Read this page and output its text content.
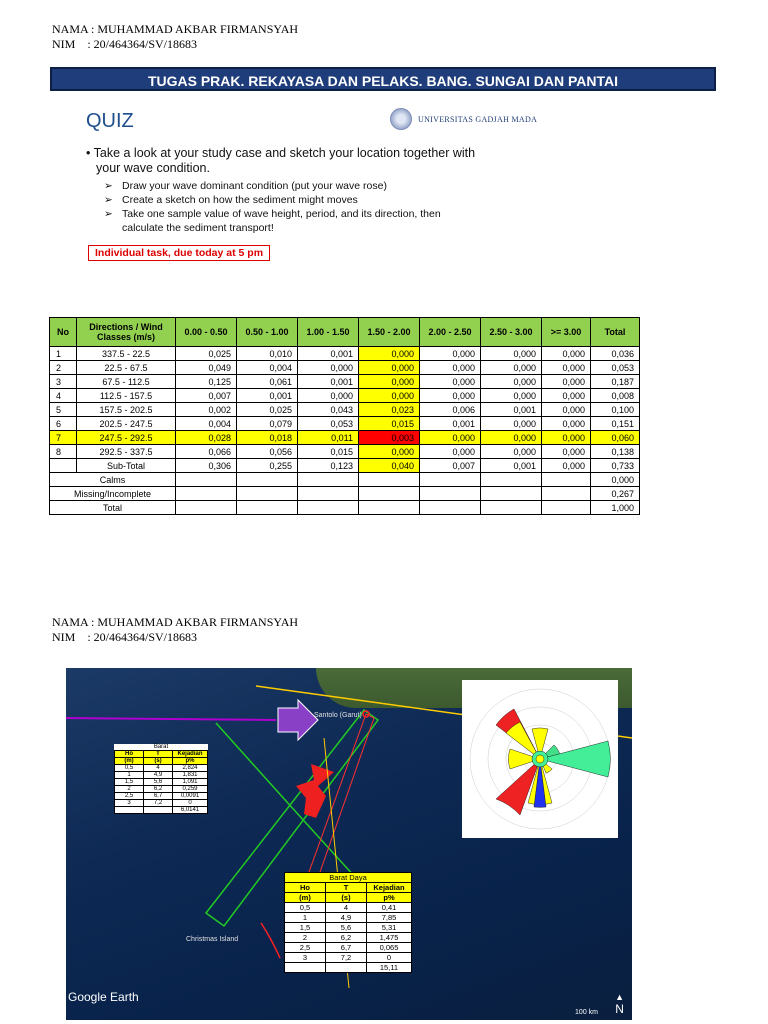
NAMA : MUHAMMAD AKBAR FIRMANSYAH
NIM    : 20/464364/SV/18683
TUGAS PRAK. REKAYASA DAN PELAKS. BANG. SUNGAI DAN PANTAI
QUIZ	UNIVERSITAS GADJAH MADA
• Take a look at your study case and sketch your location together with
your wave condition.
➢ Draw your wave dominant condition (put your wave rose)
➢ Create a sketch on how the sediment might moves
➢ Take one sample value of wave height, period, and its direction, then
calculate the sediment transport!
Individual task, due today at 5 pm
No	Directions / Wind Classes (m/s)	0.00 - 0.50	0.50 - 1.00	1.00 - 1.50	1.50 - 2.00	2.00 - 2.50	2.50 - 3.00	>= 3.00	Total
1	337.5 - 22.5	0,025	0,010	0,001	0,000	0,000	0,000	0,000	0,036
2	22.5 - 67.5	0,049	0,004	0,000	0,000	0,000	0,000	0,000	0,053
3	67.5 - 112.5	0,125	0,061	0,001	0,000	0,000	0,000	0,000	0,187
4	112.5 - 157.5	0,007	0,001	0,000	0,000	0,000	0,000	0,000	0,008
5	157.5 - 202.5	0,002	0,025	0,043	0,023	0,006	0,001	0,000	0,100
6	202.5 - 247.5	0,004	0,079	0,053	0,015	0,001	0,000	0,000	0,151
7	247.5 - 292.5	0,028	0,018	0,011	0,003	0,000	0,000	0,000	0,060
8	292.5 - 337.5	0,066	0,056	0,015	0,000	0,000	0,000	0,000	0,138
	Sub-Total	0,306	0,255	0,123	0,040	0,007	0,001	0,000	0,733
Calms									0,000
Missing/Incomplete									0,267
Total									1,000
NAMA : MUHAMMAD AKBAR FIRMANSYAH
NIM    : 20/464364/SV/18683
Santolo (Garut)
Christmas Island
Barat		
Ho	T	Kejadian
(m)	(s)	p%
0,5	4	2,824
1	4,9	1,831
1,5	5,6	1,091
2	6,2	0,259
2,5	6,7	0,0091
3	7,2	0
		6,0141
Barat Daya		
Ho	T	Kejadian
(m)	(s)	p%
0,5	4	0,41
1	4,9	7,85
1,5	5,6	5,31
2	6,2	1,475
2,5	6,7	0,065
3	7,2	0
		15,11
Google Earth
100 km
▲
N
